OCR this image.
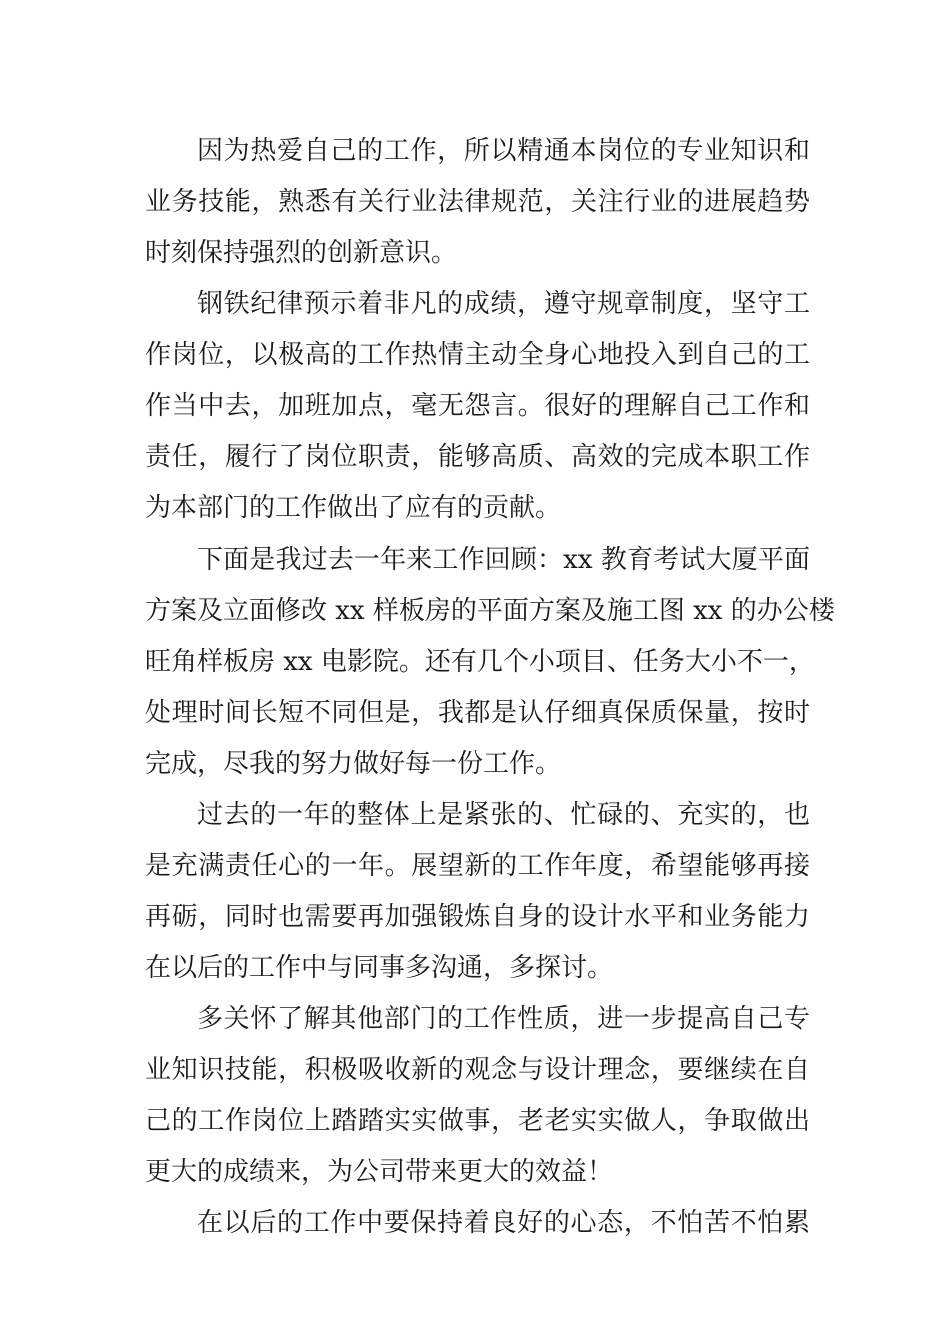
因为热爱自己的工作，所以精通本岗位的专业知识和
业务技能，熟悉有关行业法律规范，关注行业的进展趋势
时刻保持强烈的创新意识。
钢铁纪律预示着非凡的成绩，遵守规章制度，坚守工
作岗位，以极高的工作热情主动全身心地投入到自己的工
作当中去，加班加点，毫无怨言。很好的理解自己工作和
责任，履行了岗位职责，能够高质、高效的完成本职工作
为本部门的工作做出了应有的贡献。
下面是我过去一年来工作回顾：xx 教育考试大厦平面
方案及立面修改 xx 样板房的平面方案及施工图 xx 的办公楼
旺角样板房 xx 电影院。还有几个小项目、任务大小不一，
处理时间长短不同但是，我都是认仔细真保质保量，按时
完成，尽我的努力做好每一份工作。
过去的一年的整体上是紧张的、忙碌的、充实的，也
是充满责任心的一年。展望新的工作年度，希望能够再接
再砺，同时也需要再加强锻炼自身的设计水平和业务能力
在以后的工作中与同事多沟通，多探讨。
多关怀了解其他部门的工作性质，进一步提高自己专
业知识技能，积极吸收新的观念与设计理念，要继续在自
己的工作岗位上踏踏实实做事，老老实实做人，争取做出
更大的成绩来，为公司带来更大的效益！
在以后的工作中要保持着良好的心态，不怕苦不怕累
